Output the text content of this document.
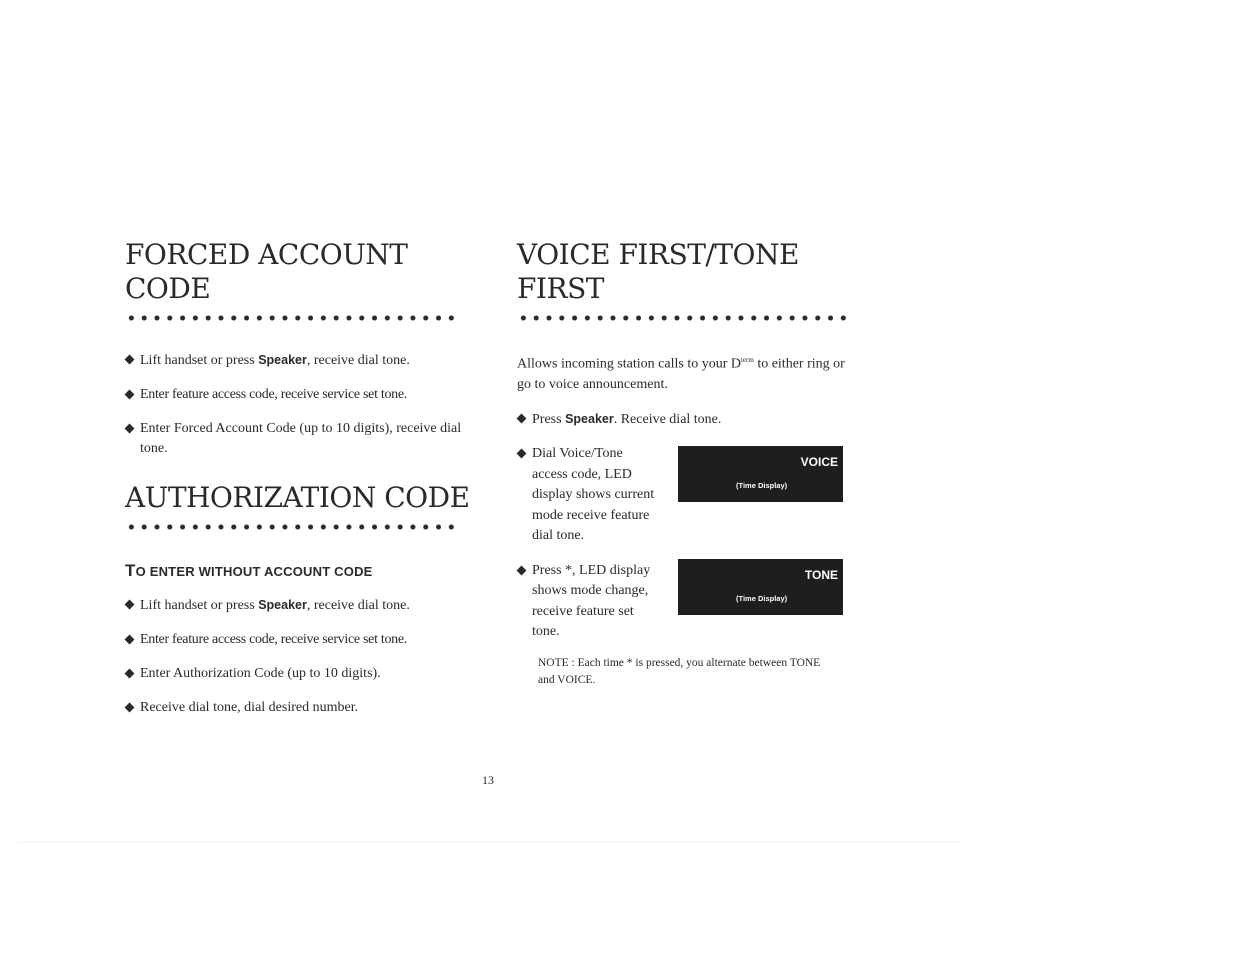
FORCED ACCOUNT CODE
Lift handset or press Speaker, receive dial tone.
Enter feature access code, receive service set tone.
Enter Forced Account Code (up to 10 digits), receive dial tone.
AUTHORIZATION CODE
TO ENTER WITHOUT ACCOUNT CODE
Lift handset or press Speaker, receive dial tone.
Enter feature access code, receive service set tone.
Enter Authorization Code (up to 10 digits).
Receive dial tone, dial desired number.
VOICE FIRST/TONE FIRST

Allows incoming station calls to your $D^{term}$ to either ring or go to voice announcement.

Press Speaker. Receive dial tone.
Dial Voice/Tone access code, LED display shows current mode receive feature dial tone.
VOICE
(Time Display)
Press *, LED display shows mode change, receive feature set tone.
TONE
(Time Display)

NOTE : Each time * is pressed, you alternate between TONE and VOICE.

13
